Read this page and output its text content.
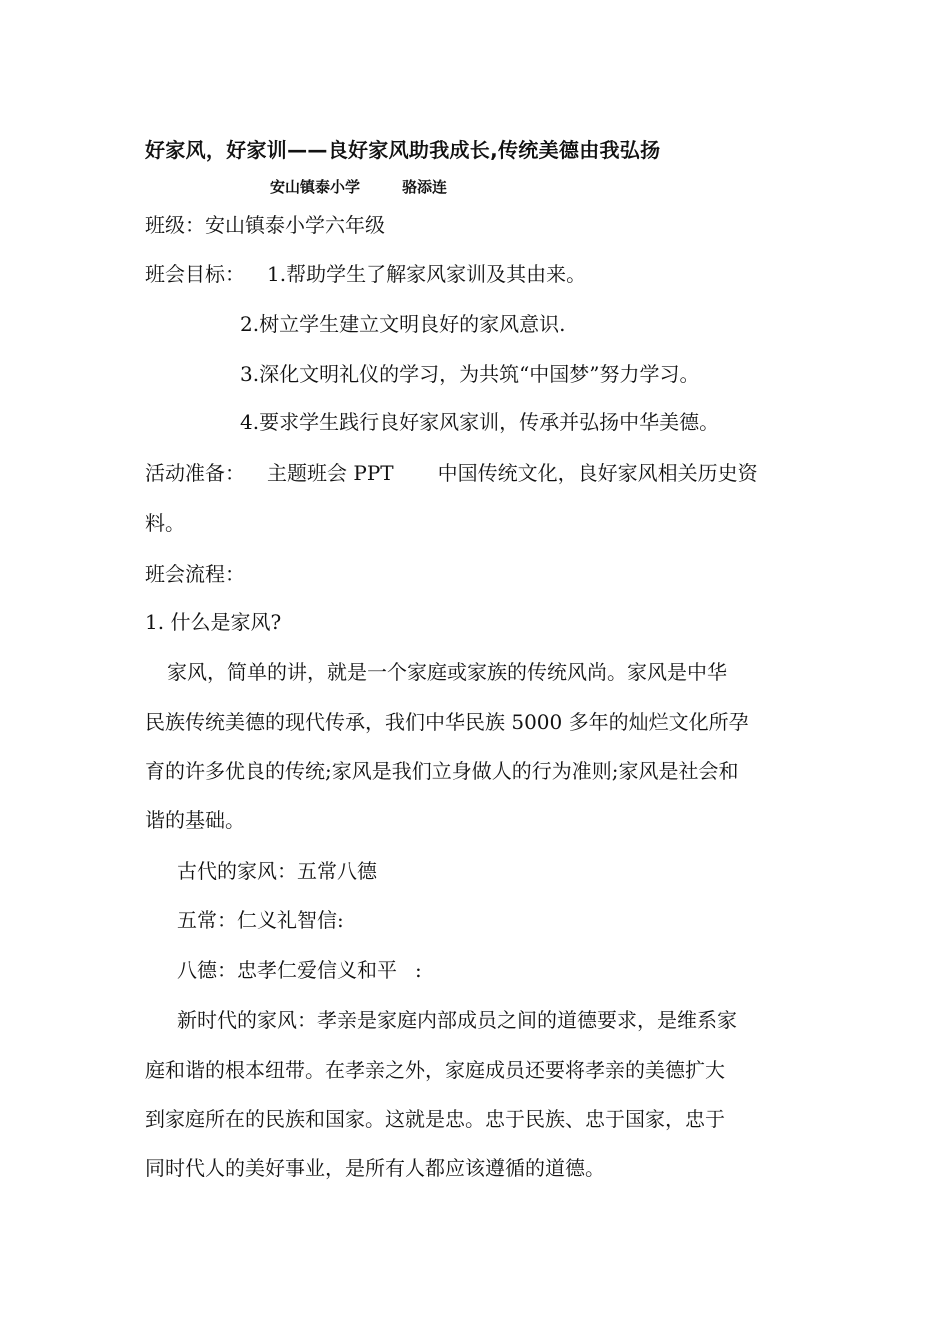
好家风，好家训——良好家风助我成长,传统美德由我弘扬
安山镇泰小学	骆添连
班级：安山镇泰小学六年级
班会目标： 1.帮助学生了解家风家训及其由来。
2.树立学生建立文明良好的家风意识.
3.深化文明礼仪的学习，为共筑“中国梦”努力学习。
4.要求学生践行良好家风家训，传承并弘扬中华美德。
活动准备： 主题班会 PPT 中国传统文化，良好家风相关历史资
料。
班会流程：
1. 什么是家风?
家风，简单的讲，就是一个家庭或家族的传统风尚。家风是中华
民族传统美德的现代传承，我们中华民族 5000 多年的灿烂文化所孕
育的许多优良的传统;家风是我们立身做人的行为准则;家风是社会和
谐的基础。
古代的家风：五常八德
五常：仁义礼智信:
八德：忠孝仁爱信义和平 :
新时代的家风：孝亲是家庭内部成员之间的道德要求，是维系家
庭和谐的根本纽带。在孝亲之外，家庭成员还要将孝亲的美德扩大
到家庭所在的民族和国家。这就是忠。忠于民族、忠于国家，忠于
同时代人的美好事业，是所有人都应该遵循的道德。
